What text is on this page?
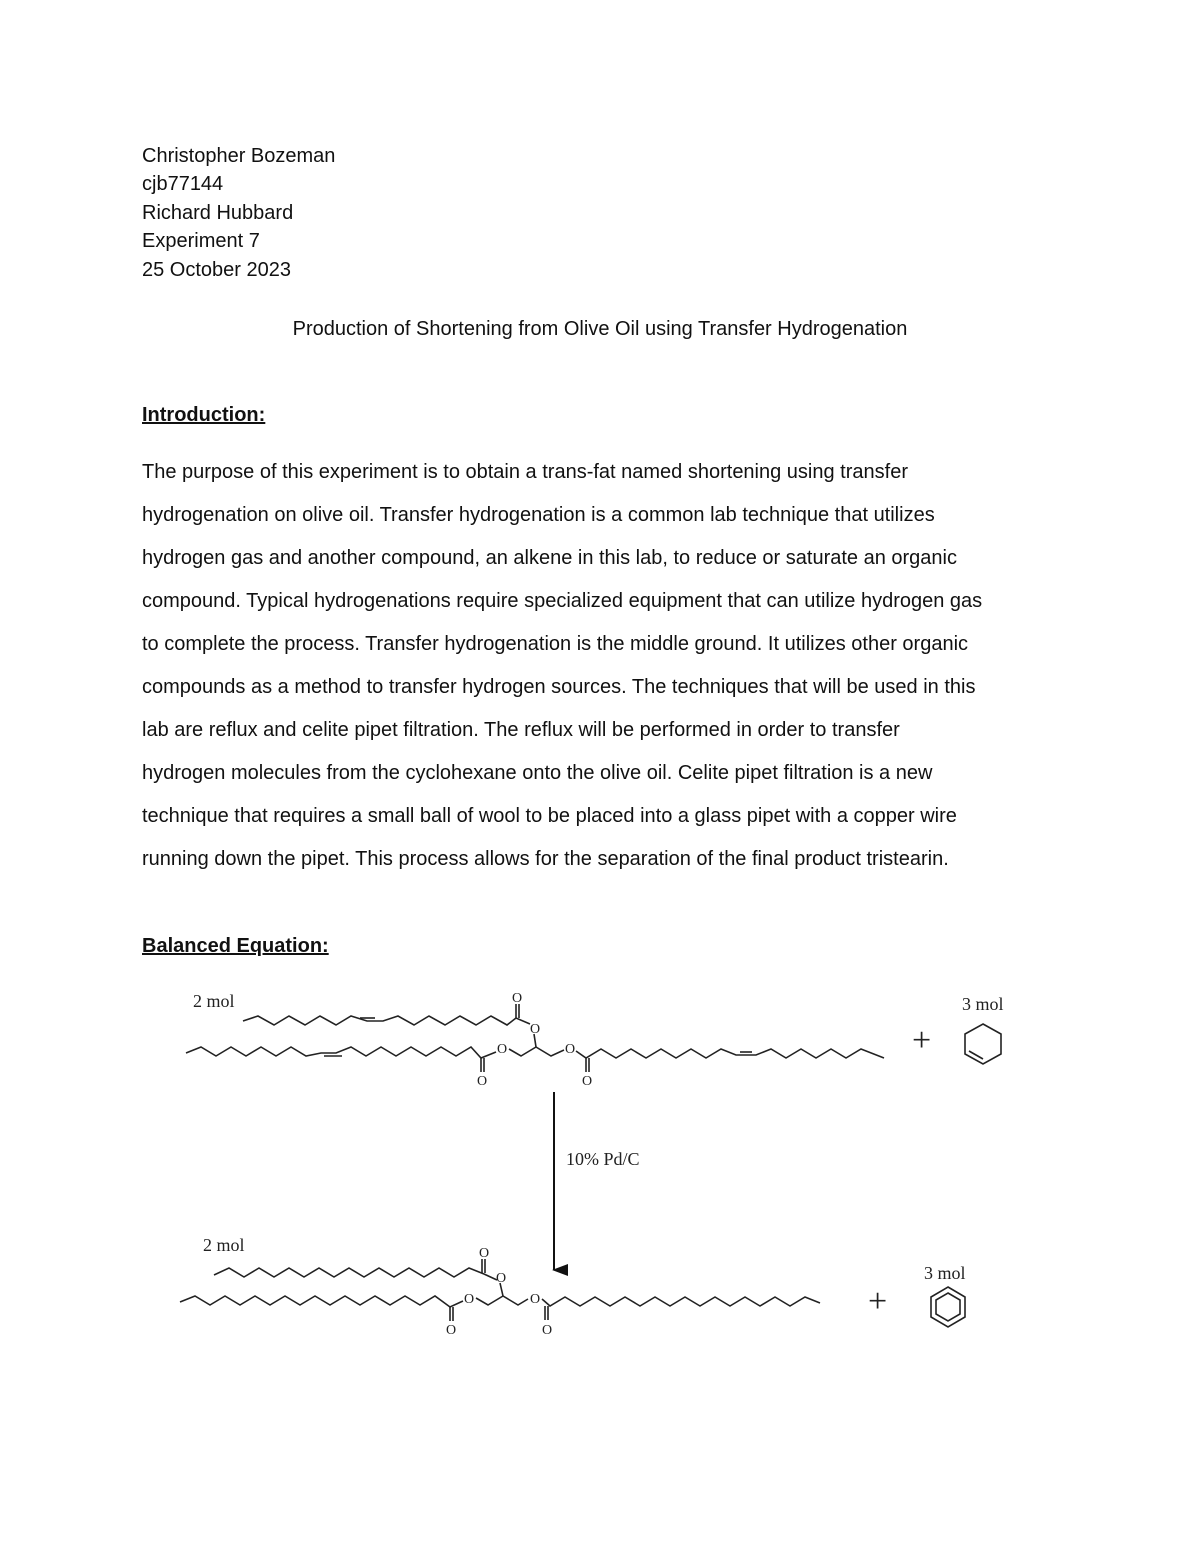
Christopher Bozeman
cjb77144
Richard Hubbard
Experiment 7
25 October 2023
Production of Shortening from Olive Oil using Transfer Hydrogenation
Introduction:
The purpose of this experiment is to obtain a trans-fat named shortening using transfer
hydrogenation on olive oil. Transfer hydrogenation is a common lab technique that utilizes
hydrogen gas and another compound, an alkene in this lab, to reduce or saturate an organic
compound. Typical hydrogenations require specialized equipment that can utilize hydrogen gas
to complete the process. Transfer hydrogenation is the middle ground. It utilizes other organic
compounds as a method to transfer hydrogen sources. The techniques that will be used in this
lab are reflux and celite pipet filtration. The reflux will be performed in order to transfer
hydrogen molecules from the cyclohexane onto the olive oil. Celite pipet filtration is a new
technique that requires a small ball of wool to be placed into a glass pipet with a copper wire
running down the pipet. This process allows for the separation of the final product tristearin.
Balanced Equation:
O
O
O	O
O	O
O
O
O	O
O	O
2 mol	3 mol
10% Pd/C
2 mol
3 mol
+
+
